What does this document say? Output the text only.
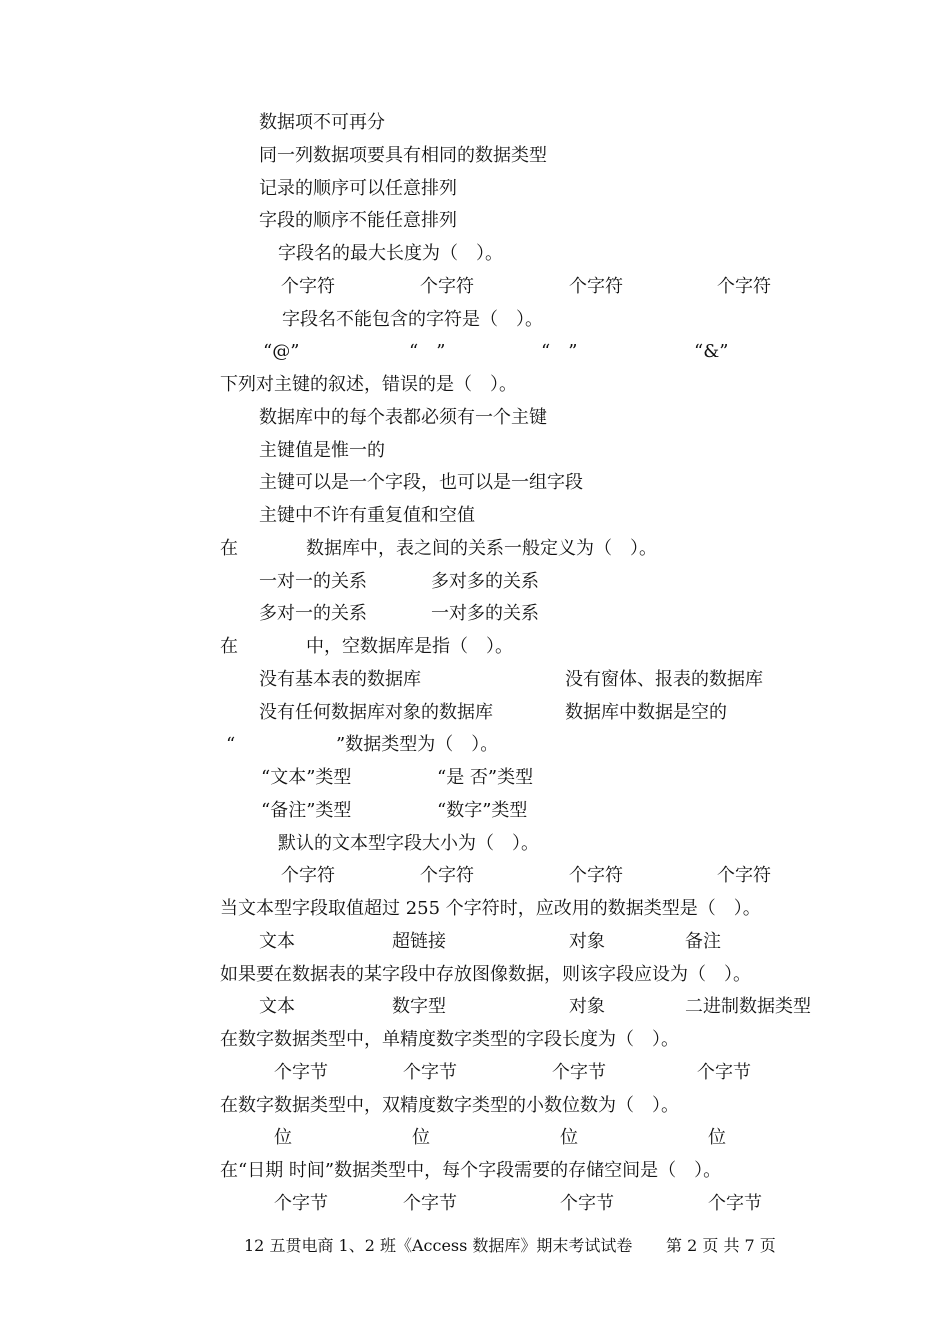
数据项不可再分
同一列数据项要具有相同的数据类型
记录的顺序可以任意排列
字段的顺序不能任意排列
字段名的最大长度为（　）。
个字符	个字符	个字符	个字符
字段名不能包含的字符是（　）。
“@”	“　”	“　”	“&”
下列对主键的叙述，错误的是（　）。
数据库中的每个表都必须有一个主键
主键值是惟一的
主键可以是一个字段，也可以是一组字段
主键中不许有重复值和空值
在	数据库中，表之间的关系一般定义为（　）。
一对一的关系	多对多的关系
多对一的关系	一对多的关系
在	中，空数据库是指（　）。
没有基本表的数据库	没有窗体、报表的数据库
没有任何数据库对象的数据库	数据库中数据是空的
“	”数据类型为（　）。
“文本”类型	“是 否”类型
“备注”类型	“数字”类型
默认的文本型字段大小为（　）。
个字符	个字符	个字符	个字符
当文本型字段取值超过 255 个字符时，应改用的数据类型是（　）。
文本	超链接	对象	备注
如果要在数据表的某字段中存放图像数据，则该字段应设为（　）。
文本	数字型	对象	二进制数据类型
在数字数据类型中，单精度数字类型的字段长度为（　）。
个字节	个字节	个字节	个字节
在数字数据类型中，双精度数字类型的小数位数为（　）。
位	位	位	位
在“日期 时间”数据类型中，每个字段需要的存储空间是（　）。
个字节	个字节	个字节	个字节
12 五贯电商 1、2 班《Access 数据库》期末考试试卷 第 2 页 共 7 页
